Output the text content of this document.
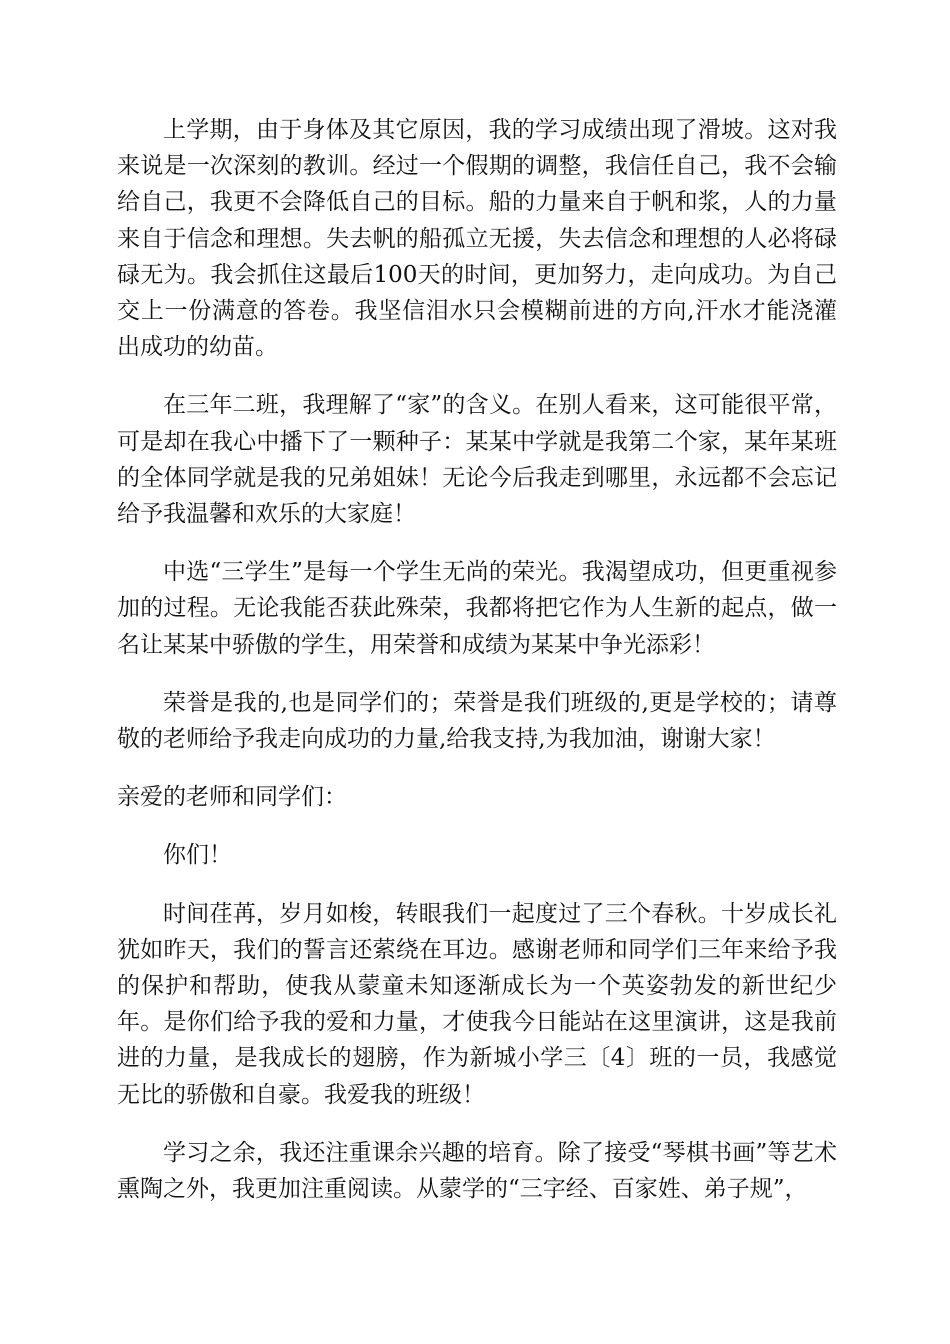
上学期，由于身体及其它原因，我的学习成绩出现了滑坡。这对我来说是一次深刻的教训。经过一个假期的调整，我信任自己，我不会输给自己，我更不会降低自己的目标。船的力量来自于帆和浆，人的力量来自于信念和理想。失去帆的船孤立无援，失去信念和理想的人必将碌碌无为。我会抓住这最后100天的时间，更加努力，走向成功。为自己交上一份满意的答卷。我坚信泪水只会模糊前进的方向,汗水才能浇灌出成功的幼苗。

在三年二班，我理解了“家”的含义。在别人看来，这可能很平常，可是却在我心中播下了一颗种子：某某中学就是我第二个家，某年某班的全体同学就是我的兄弟姐妹！无论今后我走到哪里，永远都不会忘记给予我温馨和欢乐的大家庭！

中选“三学生”是每一个学生无尚的荣光。我渴望成功，但更重视参加的过程。无论我能否获此殊荣，我都将把它作为人生新的起点，做一名让某某中骄傲的学生，用荣誉和成绩为某某中争光添彩！

荣誉是我的,也是同学们的；荣誉是我们班级的,更是学校的；请尊敬的老师给予我走向成功的力量,给我支持,为我加油，谢谢大家！

亲爱的老师和同学们：

你们！

时间荏苒，岁月如梭，转眼我们一起度过了三个春秋。十岁成长礼犹如昨天，我们的誓言还萦绕在耳边。感谢老师和同学们三年来给予我的保护和帮助，使我从蒙童未知逐渐成长为一个英姿勃发的新世纪少年。是你们给予我的爱和力量，才使我今日能站在这里演讲，这是我前进的力量，是我成长的翅膀，作为新城小学三〔4〕班的一员，我感觉无比的骄傲和自豪。我爱我的班级！

学习之余，我还注重课余兴趣的培育。除了接受“琴棋书画”等艺术熏陶之外，我更加注重阅读。从蒙学的“三字经、百家姓、弟子规”，
